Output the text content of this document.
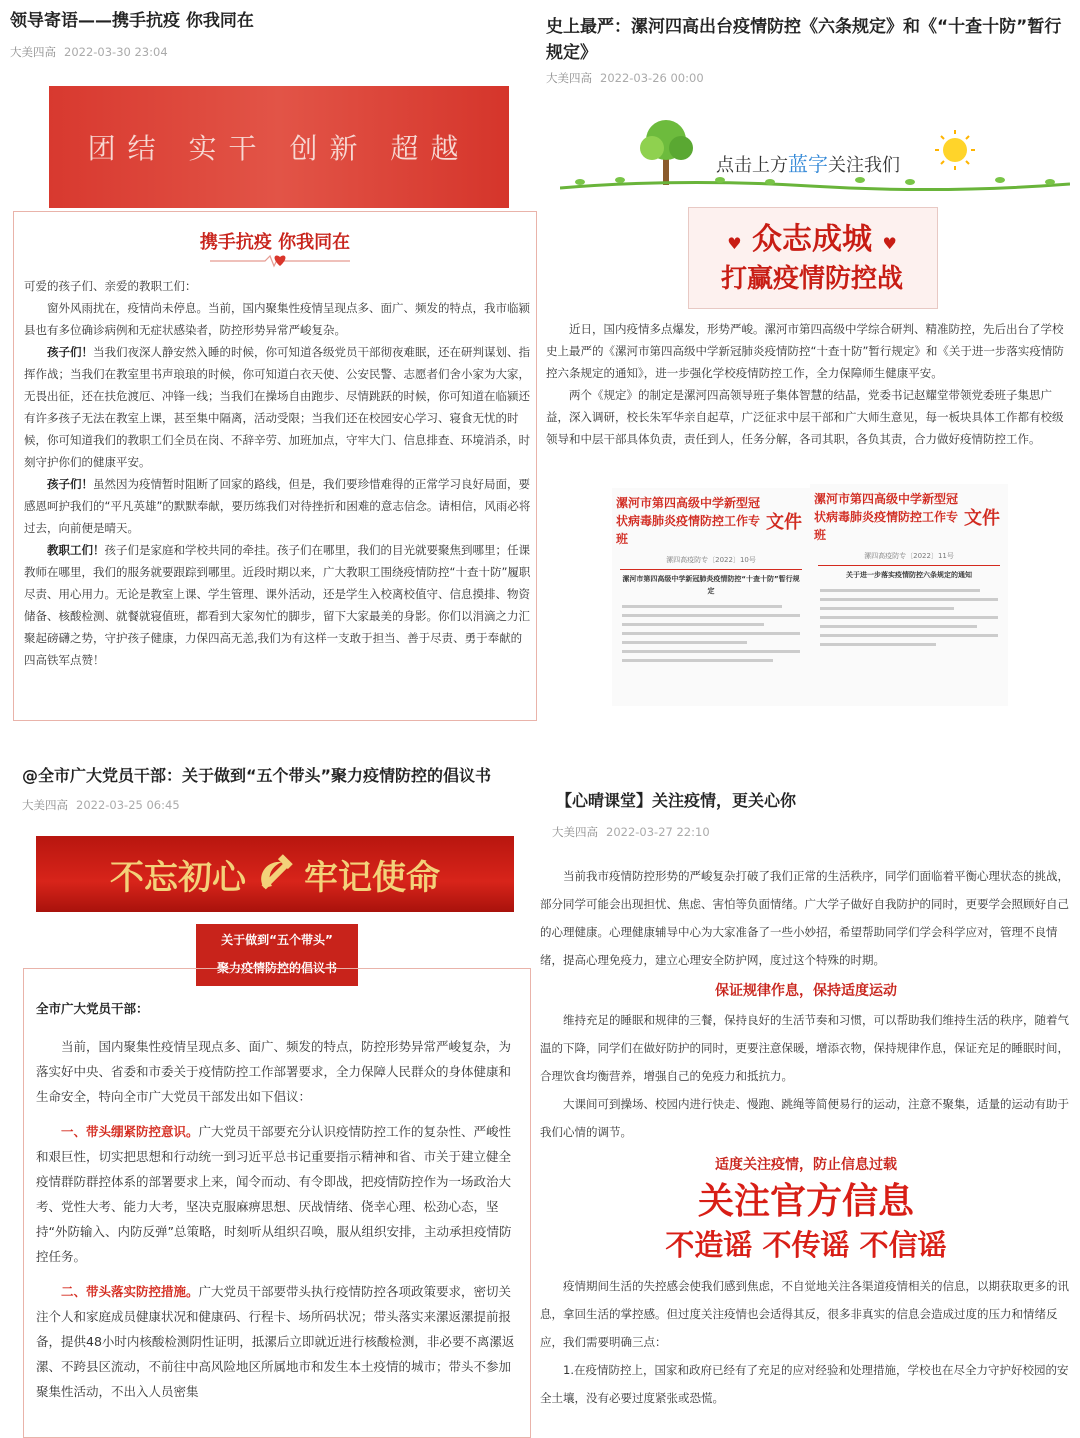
领导寄语——携手抗疫 你我同在
大美四高 2022-03-30 23:04
团结 实干 创新 超越
携手抗疫 你我同在

可爱的孩子们、亲爱的教职工们：

窗外风雨扰在，疫情尚未停息。当前，国内聚集性疫情呈现点多、面广、频发的特点，我市临颍县也有多位确诊病例和无症状感染者，防控形势异常严峻复杂。

孩子们！当我们夜深人静安然入睡的时候，你可知道各级党员干部彻夜难眠，还在研判谋划、指挥作战；当我们在教室里书声琅琅的时候，你可知道白衣天使、公安民警、志愿者们舍小家为大家，无畏出征，还在扶危渡厄、冲锋一线；当我们在操场自由跑步、尽情跳跃的时候，你可知道在临颍还有许多孩子无法在教室上课，甚至集中隔离，活动受限；当我们还在校园安心学习、寝食无忧的时候，你可知道我们的教职工们全员在岗、不辞辛劳、加班加点，守牢大门、信息排查、环境消杀，时刻守护你们的健康平安。

孩子们！虽然因为疫情暂时阻断了回家的路线，但是，我们要珍惜难得的正常学习良好局面，要感恩呵护我们的“平凡英雄”的默默奉献，要历练我们对待挫折和困难的意志信念。请相信，风雨必将过去，向前便是晴天。

教职工们！孩子们是家庭和学校共同的牵挂。孩子们在哪里，我们的目光就要聚焦到哪里；任课教师在哪里，我们的服务就要跟踪到哪里。近段时期以来，广大教职工围绕疫情防控“十查十防”履职尽责、用心用力。无论是教室上课、学生管理、课外活动，还是学生入校离校值守、信息摸排、物资储备、核酸检测、就餐就寝值班，都看到大家匆忙的脚步，留下大家最美的身影。你们以涓滴之力汇聚起磅礴之势，守护孩子健康，力保四高无恙,我们为有这样一支敢于担当、善于尽责、勇于奉献的四高铁军点赞！

史上最严：漯河四高出台疫情防控《六条规定》和《“十查十防”暂行规定》
大美四高 2022-03-26 00:00
点击上方蓝字关注我们
♥ 众志成城 ♥
打赢疫情防控战

近日，国内疫情多点爆发，形势严峻。漯河市第四高级中学综合研判、精准防控，先后出台了学校史上最严的《漯河市第四高级中学新冠肺炎疫情防控“十查十防”暂行规定》和《关于进一步落实疫情防控六条规定的通知》，进一步强化学校疫情防控工作，全力保障师生健康平安。

两个《规定》的制定是漯河四高领导班子集体智慧的结晶，党委书记赵耀堂带领党委班子集思广益，深入调研，校长朱军华亲自起草，广泛征求中层干部和广大师生意见，每一板块具体工作都有校级领导和中层干部具体负责，责任到人，任务分解，各司其职，各负其责，合力做好疫情防控工作。

漯河市第四高级中学新型冠状病毒肺炎疫情防控工作专班
文件
漯四高疫防专〔2022〕10号
漯河市第四高级中学新冠肺炎疫情防控“十查十防”暂行规定
漯河市第四高级中学新型冠状病毒肺炎疫情防控工作专班
文件
漯四高疫防专〔2022〕11号
关于进一步落实疫情防控六条规定的通知
@全市广大党员干部：关于做到“五个带头”聚力疫情防控的倡议书
大美四高 2022-03-25 06:45
不忘初心 牢记使命
关于做到“五个带头”
聚力疫情防控的倡议书

全市广大党员干部：

当前，国内聚集性疫情呈现点多、面广、频发的特点，防控形势异常严峻复杂，为落实好中央、省委和市委关于疫情防控工作部署要求，全力保障人民群众的身体健康和生命安全，特向全市广大党员干部发出如下倡议：

一、带头绷紧防控意识。广大党员干部要充分认识疫情防控工作的复杂性、严峻性和艰巨性，切实把思想和行动统一到习近平总书记重要指示精神和省、市关于建立健全疫情群防群控体系的部署要求上来，闻令而动、有令即战，把疫情防控作为一场政治大考、党性大考、能力大考，坚决克服麻痹思想、厌战情绪、侥幸心理、松劲心态，坚持“外防输入、内防反弹”总策略，时刻听从组织召唤，服从组织安排，主动承担疫情防控任务。

二、带头落实防控措施。广大党员干部要带头执行疫情防控各项政策要求，密切关注个人和家庭成员健康状况和健康码、行程卡、场所码状况；带头落实来漯返漯提前报备，提供48小时内核酸检测阴性证明，抵漯后立即就近进行核酸检测，非必要不离漯返漯、不跨县区流动，不前往中高风险地区所属地市和发生本土疫情的城市；带头不参加聚集性活动，不出入人员密集

【心晴课堂】关注疫情，更关心你
大美四高 2022-03-27 22:10

当前我市疫情防控形势的严峻复杂打破了我们正常的生活秩序，同学们面临着平衡心理状态的挑战，部分同学可能会出现担忧、焦虑、害怕等负面情绪。广大学子做好自我防护的同时，更要学会照顾好自己的心理健康。心理健康辅导中心为大家准备了一些小妙招，希望帮助同学们学会科学应对，管理不良情绪，提高心理免疫力，建立心理安全防护网，度过这个特殊的时期。

保证规律作息，保持适度运动

维持充足的睡眠和规律的三餐，保持良好的生活节奏和习惯，可以帮助我们维持生活的秩序，随着气温的下降，同学们在做好防护的同时，更要注意保暖，增添衣物，保持规律作息，保证充足的睡眠时间，合理饮食均衡营养，增强自己的免疫力和抵抗力。

大课间可到操场、校园内进行快走、慢跑、跳绳等简便易行的运动，注意不聚集，适量的运动有助于我们心情的调节。

适度关注疫情，防止信息过载
关注官方信息
不造谣 不传谣 不信谣

疫情期间生活的失控感会使我们感到焦虑，不自觉地关注各渠道疫情相关的信息，以期获取更多的讯息，拿回生活的掌控感。但过度关注疫情也会适得其反，很多非真实的信息会造成过度的压力和情绪反应，我们需要明确三点：

1.在疫情防控上，国家和政府已经有了充足的应对经验和处理措施，学校也在尽全力守护好校园的安全土壤，没有必要过度紧张或恐慌。
